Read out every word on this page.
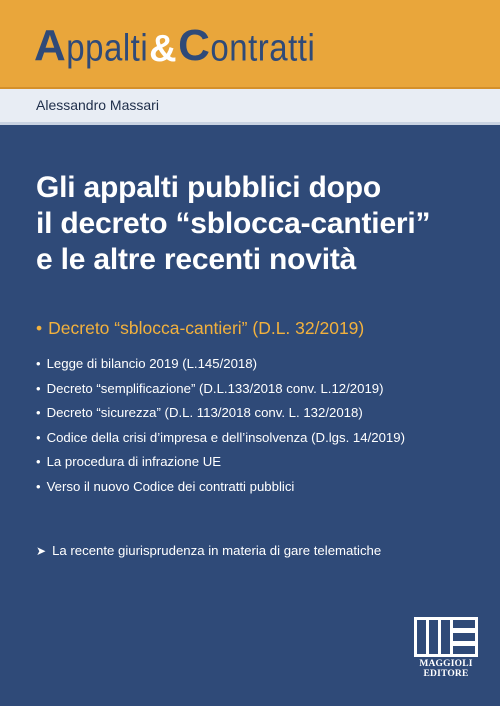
A ppalti & C ontratti
Alessandro Massari
Gli appalti pubblici dopo
il decreto “sblocca-cantieri”
e le altre recenti novità
• Decreto “sblocca-cantieri” (D.L. 32/2019)
• Legge di bilancio 2019 (L.145/2018)
• Decreto “semplificazione” (D.L.133/2018 conv. L.12/2019)
• Decreto “sicurezza” (D.L. 113/2018 conv. L. 132/2018)
• Codice della crisi d’impresa e dell’insolvenza (D.lgs. 14/2019)
• La procedura di infrazione UE
• Verso il nuovo Codice dei contratti pubblici
➤ La recente giurisprudenza in materia di gare telematiche
MAGGIOLI
EDITORE
